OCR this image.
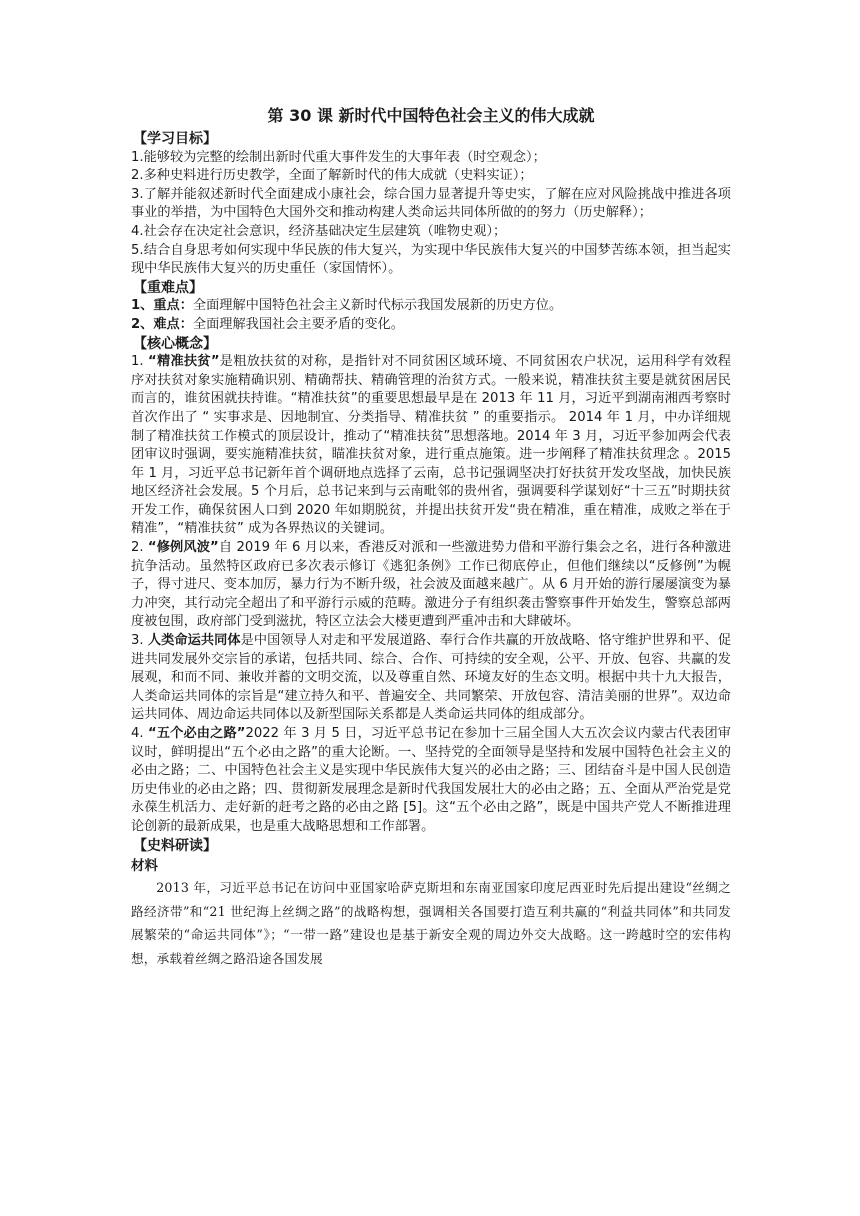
第 30 课 新时代中国特色社会主义的伟大成就
【学习目标】

1.能够较为完整的绘制出新时代重大事件发生的大事年表（时空观念）；

2.多种史料进行历史教学，全面了解新时代的伟大成就（史料实证）；

3.了解并能叙述新时代全面建成小康社会，综合国力显著提升等史实，了解在应对风险挑战中推进各项事业的举措，为中国特色大国外交和推动构建人类命运共同体所做的的努力（历史解释）；

4.社会存在决定社会意识，经济基础决定生层建筑（唯物史观）；

5.结合自身思考如何实现中华民族的伟大复兴，为实现中华民族伟大复兴的中国梦苦练本领，担当起实现中华民族伟大复兴的历史重任（家国情怀）。

【重难点】

1、重点：全面理解中国特色社会主义新时代标示我国发展新的历史方位。

2、难点：全面理解我国社会主要矛盾的变化。

【核心概念】

1. “精准扶贫”是粗放扶贫的对称，是指针对不同贫困区域环境、不同贫困农户状况，运用科学有效程序对扶贫对象实施精确识别、精确帮扶、精确管理的治贫方式。一般来说，精准扶贫主要是就贫困居民而言的，谁贫困就扶持谁。“精准扶贫”的重要思想最早是在 2013 年 11 月，习近平到湖南湘西考察时首次作出了 “ 实事求是、因地制宜、分类指导、精准扶贫 ” 的重要指示。 2014 年 1 月，中办详细规制了精准扶贫工作模式的顶层设计，推动了“精准扶贫”思想落地。2014 年 3 月，习近平参加两会代表团审议时强调，要实施精准扶贫，瞄准扶贫对象，进行重点施策。进一步阐释了精准扶贫理念 。2015 年 1 月，习近平总书记新年首个调研地点选择了云南，总书记强调坚决打好扶贫开发攻坚战，加快民族地区经济社会发展。5 个月后，总书记来到与云南毗邻的贵州省，强调要科学谋划好“十三五”时期扶贫开发工作，确保贫困人口到 2020 年如期脱贫，并提出扶贫开发“贵在精准，重在精准，成败之举在于精准”，“精准扶贫” 成为各界热议的关键词。

2. “修例风波”自 2019 年 6 月以来，香港反对派和一些激进势力借和平游行集会之名，进行各种激进抗争活动。虽然特区政府已多次表示修订《逃犯条例》工作已彻底停止，但他们继续以“反修例”为幌子，得寸进尺、变本加厉，暴力行为不断升级，社会波及面越来越广。从 6 月开始的游行屡屡演变为暴力冲突，其行动完全超出了和平游行示威的范畴。激进分子有组织袭击警察事件开始发生，警察总部两度被包围，政府部门受到滋扰，特区立法会大楼更遭到严重冲击和大肆破坏。

3. 人类命运共同体是中国领导人对走和平发展道路、奉行合作共赢的开放战略、恪守维护世界和平、促进共同发展外交宗旨的承诺，包括共同、综合、合作、可持续的安全观，公平、开放、包容、共赢的发展观，和而不同、兼收并蓄的文明交流，以及尊重自然、环境友好的生态文明。根据中共十九大报告，人类命运共同体的宗旨是“建立持久和平、普遍安全、共同繁荣、开放包容、清洁美丽的世界”。双边命运共同体、周边命运共同体以及新型国际关系都是人类命运共同体的组成部分。

4. “五个必由之路”2022 年 3 月 5 日，习近平总书记在参加十三届全国人大五次会议内蒙古代表团审议时，鲜明提出“五个必由之路”的重大论断。一、坚持党的全面领导是坚持和发展中国特色社会主义的必由之路；二、中国特色社会主义是实现中华民族伟大复兴的必由之路；三、团结奋斗是中国人民创造历史伟业的必由之路；四、贯彻新发展理念是新时代我国发展壮大的必由之路；五、全面从严治党是党永葆生机活力、走好新的赶考之路的必由之路 [5]。这“五个必由之路”，既是中国共产党人不断推进理论创新的最新成果，也是重大战略思想和工作部署。

【史料研读】
材料

2013 年，习近平总书记在访问中亚国家哈萨克斯坦和东南亚国家印度尼西亚时先后提出建设“丝绸之路经济带”和“21 世纪海上丝绸之路”的战略构想，强调相关各国要打造互利共赢的“利益共同体”和共同发展繁荣的“命运共同体”》；“一带一路”建设也是基于新安全观的周边外交大战略。这一跨越时空的宏伟构想，承载着丝绸之路沿途各国发展
